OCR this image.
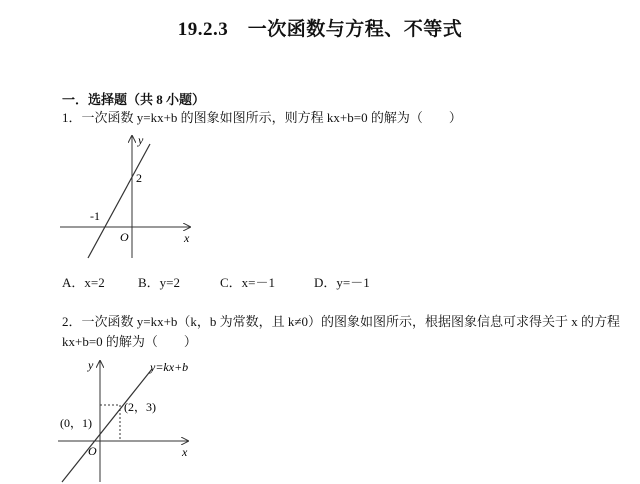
19.2.3　一次函数与方程、不等式
一．选择题（共 8 小题）
1．一次函数 y=kx+b 的图象如图所示，则方程 kx+b=0 的解为（　　）
y
x
O
2
-1
A．x=2	B．y=2	C．x=－1	D．y=－1
2．一次函数 y=kx+b（k，b 为常数，且 k≠0）的图象如图所示，根据图象信息可求得关于 x 的方程 kx+b=0 的解为（　　）
y
x
O
y=kx+b
(2，3)
(0，1)
